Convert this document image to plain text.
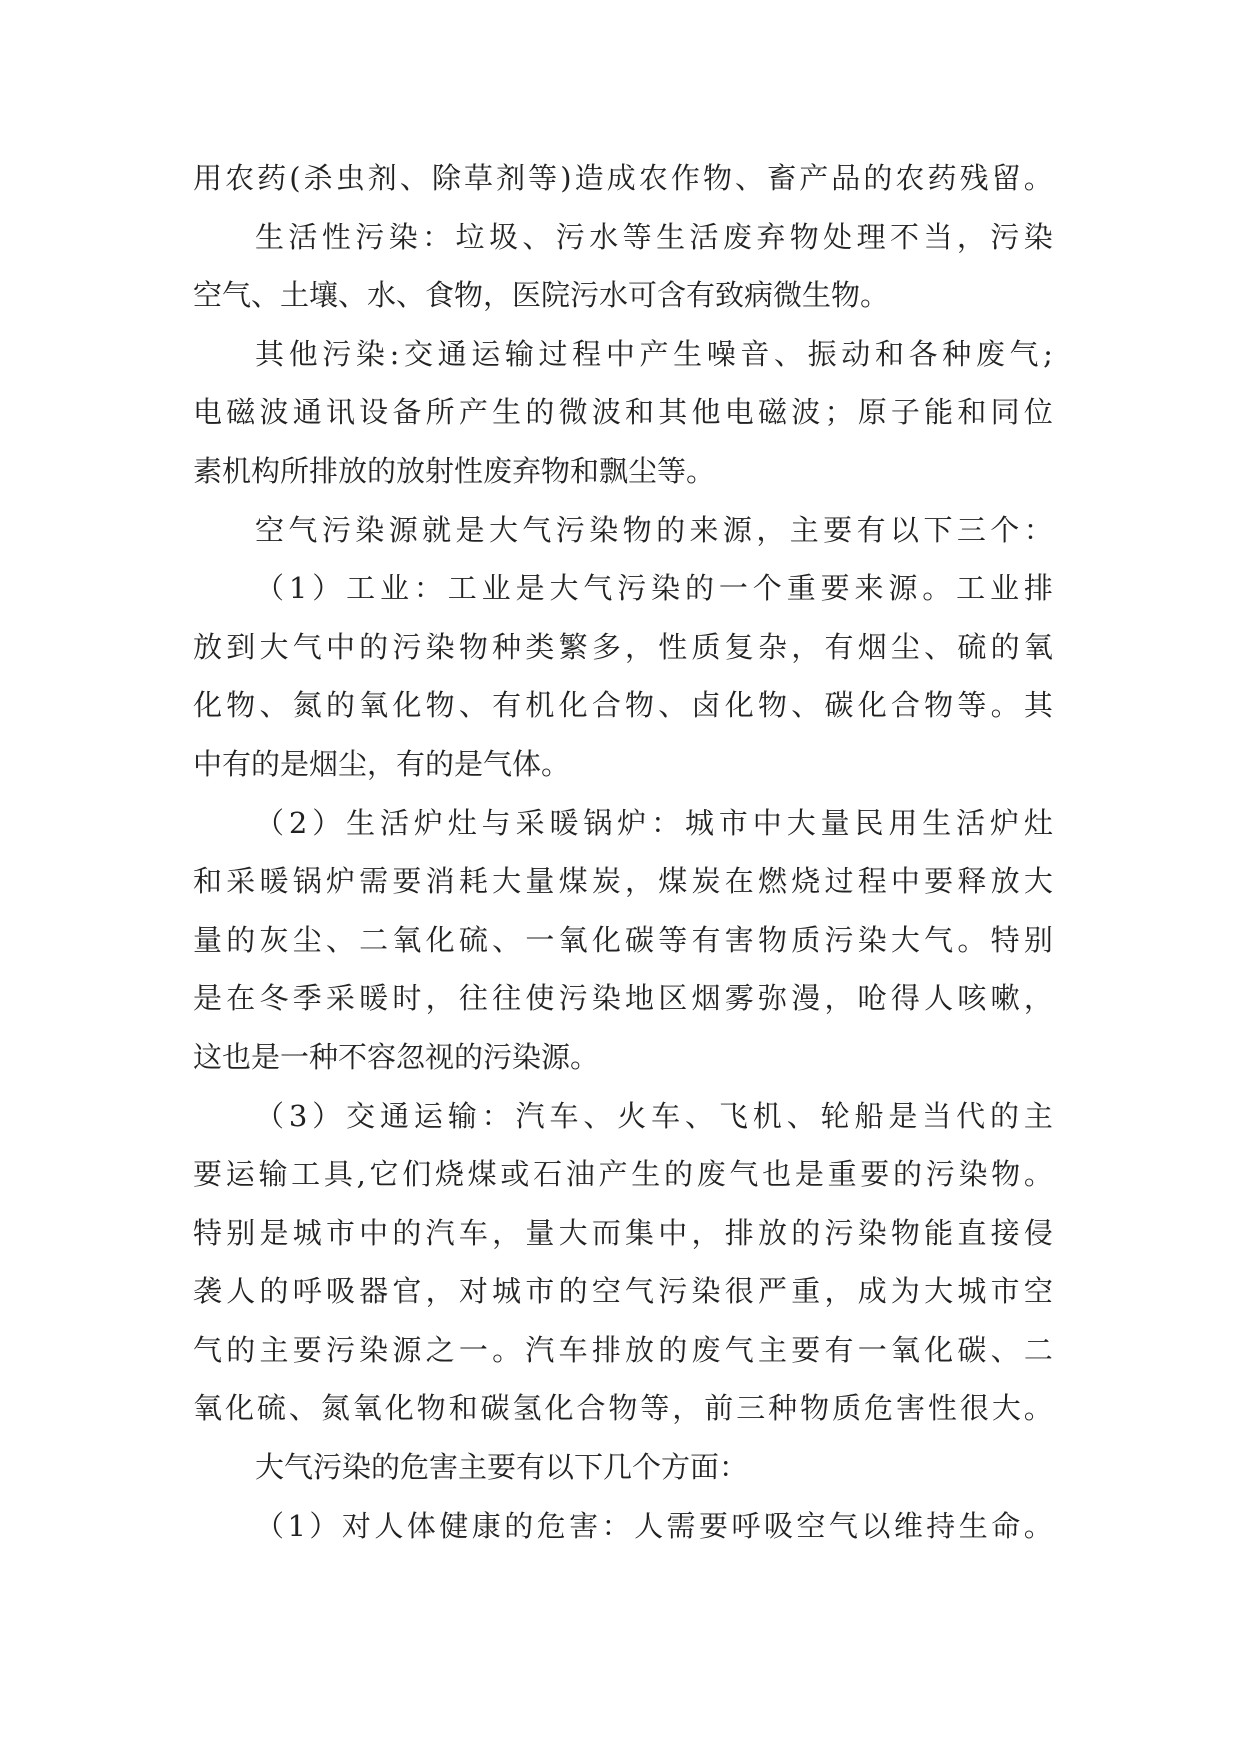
用 农 药 ( 杀 虫 剂 、 除 草 剂 等 ) 造 成 农 作 物 、 畜 产 品 的 农 药 残 留 。
生 活 性 污 染 ： 垃 圾 、 污 水 等 生 活 废 弃 物 处 理 不 当 ， 污 染
空气、土壤、水、食物，医院污水可含有致病微生物。
其 他 污 染 : 交 通 运 输 过 程 中 产 生 噪 音 、 振 动 和 各 种 废 气 ;
电 磁 波 通 讯 设 备 所 产 生 的 微 波 和 其 他 电 磁 波 ； 原 子 能 和 同 位
素机构所排放的放射性废弃物和飘尘等。
空 气 污 染 源 就 是 大 气 污 染 物 的 来 源 ， 主 要 有 以 下 三 个 ：
（ 1 ） 工 业 ： 工 业 是 大 气 污 染 的 一 个 重 要 来 源 。 工 业 排
放 到 大 气 中 的 污 染 物 种 类 繁 多 ， 性 质 复 杂 ， 有 烟 尘 、 硫 的 氧
化 物 、 氮 的 氧 化 物 、 有 机 化 合 物 、 卤 化 物 、 碳 化 合 物 等 。 其
中有的是烟尘，有的是气体。
（ 2 ） 生 活 炉 灶 与 采 暖 锅 炉 ： 城 市 中 大 量 民 用 生 活 炉 灶
和 采 暖 锅 炉 需 要 消 耗 大 量 煤 炭 ， 煤 炭 在 燃 烧 过 程 中 要 释 放 大
量 的 灰 尘 、 二 氧 化 硫 、 一 氧 化 碳 等 有 害 物 质 污 染 大 气 。 特 别
是 在 冬 季 采 暖 时 ， 往 往 使 污 染 地 区 烟 雾 弥 漫 ， 呛 得 人 咳 嗽 ，
这也是一种不容忽视的污染源。
（ 3 ） 交 通 运 输 ： 汽 车 、 火 车 、 飞 机 、 轮 船 是 当 代 的 主
要 运 输 工 具 , 它 们 烧 煤 或 石 油 产 生 的 废 气 也 是 重 要 的 污 染 物 。
特 别 是 城 市 中 的 汽 车 ， 量 大 而 集 中 ， 排 放 的 污 染 物 能 直 接 侵
袭 人 的 呼 吸 器 官 ， 对 城 市 的 空 气 污 染 很 严 重 ， 成 为 大 城 市 空
气 的 主 要 污 染 源 之 一 。 汽 车 排 放 的 废 气 主 要 有 一 氧 化 碳 、 二
氧 化 硫 、 氮 氧 化 物 和 碳 氢 化 合 物 等 ， 前 三 种 物 质 危 害 性 很 大 。
大气污染的危害主要有以下几个方面：
（ 1 ） 对 人 体 健 康 的 危 害 ： 人 需 要 呼 吸 空 气 以 维 持 生 命 。
